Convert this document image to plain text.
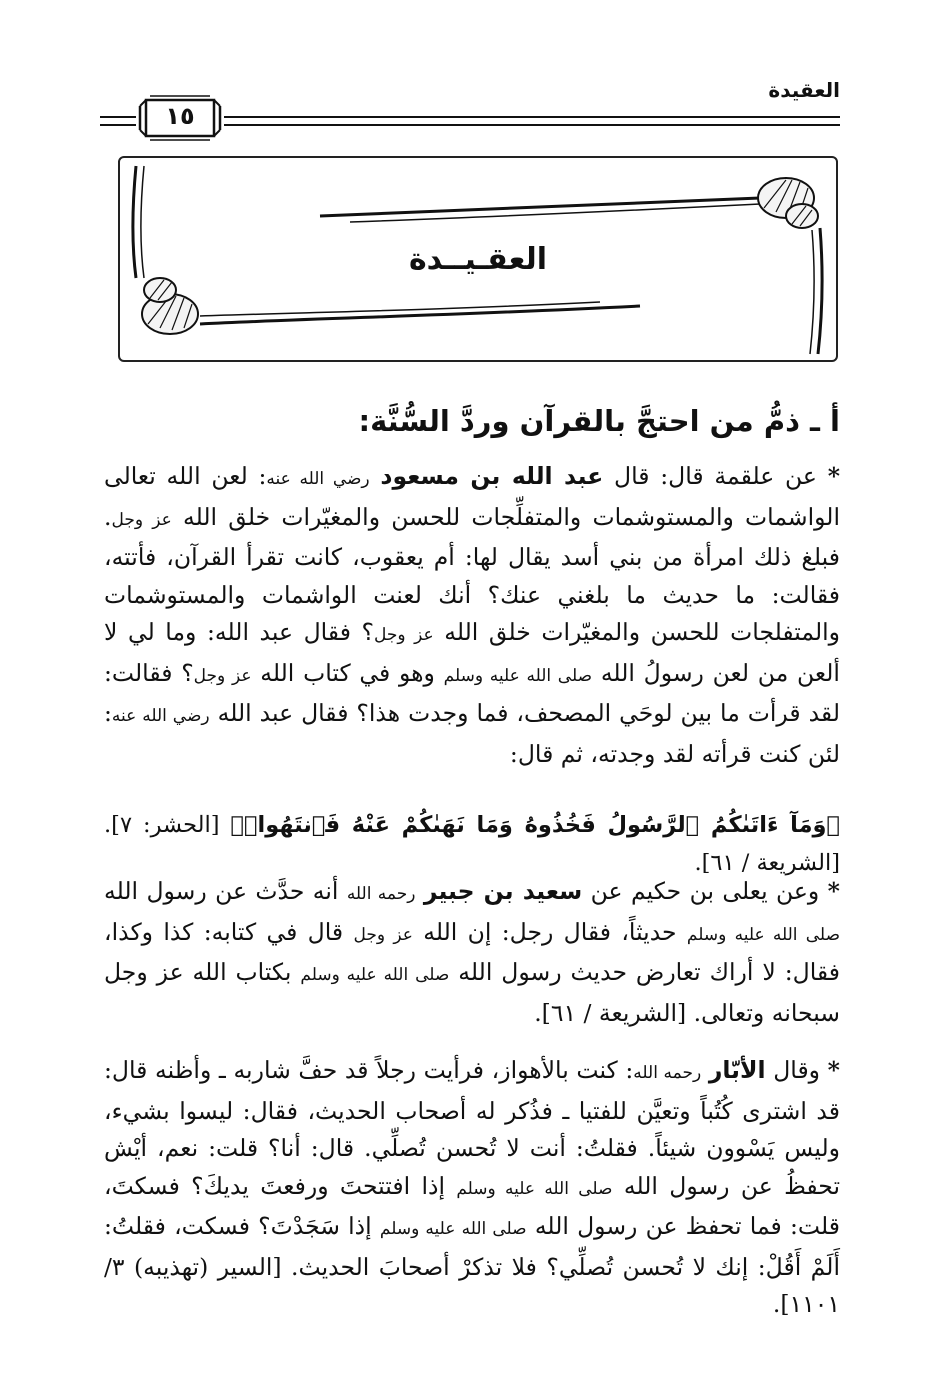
العقيدة
١٥
العقـيــدة
أ ـ ذمُّ من احتجَّ بالقرآن وردَّ السُّنَّة:

* عن علقمة قال: قال عبد الله بن مسعود رضي الله عنه: لعن الله تعالى الواشمات والمستوشمات والمتفلِّجات للحسن والمغيّرات خلق الله عز وجل. فبلغ ذلك امرأة من بني أسد يقال لها: أم يعقوب، كانت تقرأ القرآن، فأتته، فقالت: ما حديث ما بلغني عنك؟ أنك لعنت الواشمات والمستوشمات والمتفلجات للحسن والمغيّرات خلق الله عز وجل؟ فقال عبد الله: وما لي لا ألعن من لعن رسولُ الله صلى الله عليه وسلم وهو في كتاب الله عز وجل؟ فقالت: لقد قرأت ما بين لوحَي المصحف، فما وجدت هذا؟ فقال عبد الله رضي الله عنه: لئن كنت قرأته لقد وجدته، ثم قال:

﴿وَمَآ ءَاتَىٰكُمُ ٱلرَّسُولُ فَخُذُوهُ وَمَا نَهَىٰكُمْ عَنْهُ فَٱنتَهُوا۟﴾ [الحشر: ٧]. [الشريعة / ٦١].

* وعن يعلى بن حكيم عن سعيد بن جبير رحمه الله أنه حدَّث عن رسول الله صلى الله عليه وسلم حديثاً، فقال رجل: إن الله عز وجل قال في كتابه: كذا وكذا، فقال: لا أراك تعارض حديث رسول الله صلى الله عليه وسلم بكتاب الله عز وجل سبحانه وتعالى. [الشريعة / ٦١].

* وقال الأبّار رحمه الله: كنت بالأهواز، فرأيت رجلاً قد حفَّ شاربه ـ وأظنه قال: قد اشترى كُتُباً وتعيَّن للفتيا ـ فذُكر له أصحاب الحديث، فقال: ليسوا بشيء، وليس يَسْوون شيئاً. فقلتُ: أنت لا تُحسن تُصلِّي. قال: أنا؟ قلت: نعم، أيْش تحفظُ عن رسول الله صلى الله عليه وسلم إذا افتتحتَ ورفعتَ يديكَ؟ فسكتَ، قلت: فما تحفظ عن رسول الله صلى الله عليه وسلم إذا سَجَدْتَ؟ فسكت، فقلتُ: أَلَمْ أَقُلْ: إنك لا تُحسن تُصلِّي؟ فلا تذكرْ أصحابَ الحديث. [السير (تهذيبه) ٣/ ١١٠١].
